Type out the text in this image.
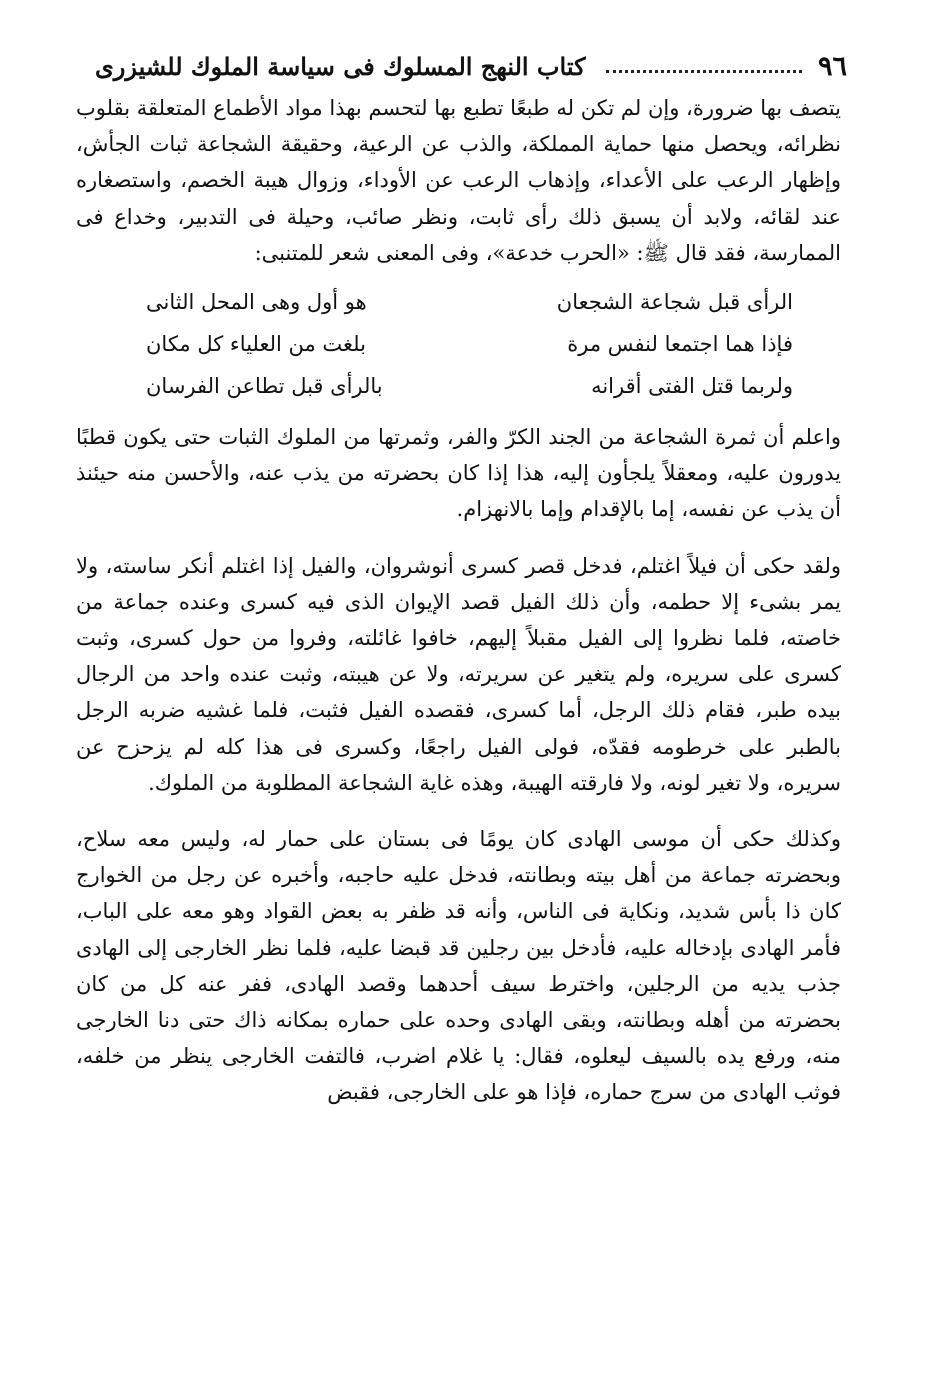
٩٦
كتاب النهج المسلوك فى سياسة الملوك للشيزرى

يتصف بها ضرورة، وإن لم تكن له طبعًا تطبع بها لتحسم بهذا مواد الأطماع المتعلقة بقلوب نظرائه، ويحصل منها حماية المملكة، والذب عن الرعية، وحقيقة الشجاعة ثبات الجأش، وإظهار الرعب على الأعداء، وإذهاب الرعب عن الأوداء، وزوال هيبة الخصم، واستصغاره عند لقائه، ولابد أن يسبق ذلك رأى ثابت، ونظر صائب، وحيلة فى التدبير، وخداع فى الممارسة، فقد قال ﷺ: «الحرب خدعة»، وفى المعنى شعر للمتنبى:

الرأى قبل شجاعة الشجعان
هو أول وهى المحل الثانى
فإذا هما اجتمعا لنفس مرة
بلغت من العلياء كل مكان
ولربما قتل الفتى أقرانه
بالرأى قبل تطاعن الفرسان

واعلم أن ثمرة الشجاعة من الجند الكرّ والفر، وثمرتها من الملوك الثبات حتى يكون قطبًا يدورون عليه، ومعقلاً يلجأون إليه، هذا إذا كان بحضرته من يذب عنه، والأحسن منه حيئنذ أن يذب عن نفسه، إما بالإقدام وإما بالانهزام.

ولقد حكى أن فيلاً اغتلم، فدخل قصر كسرى أنوشروان، والفيل إذا اغتلم أنكر ساسته، ولا يمر بشىء إلا حطمه، وأن ذلك الفيل قصد الإيوان الذى فيه كسرى وعنده جماعة من خاصته، فلما نظروا إلى الفيل مقبلاً إليهم، خافوا غائلته، وفروا من حول كسرى، وثبت كسرى على سريره، ولم يتغير عن سريرته، ولا عن هيبته، وثبت عنده واحد من الرجال بيده طبر، فقام ذلك الرجل، أما كسرى، فقصده الفيل فثبت، فلما غشيه ضربه الرجل بالطبر على خرطومه فقدّه، فولى الفيل راجعًا، وكسرى فى هذا كله لم يزحزح عن سريره، ولا تغير لونه، ولا فارقته الهيبة، وهذه غاية الشجاعة المطلوبة من الملوك.

وكذلك حكى أن موسى الهادى كان يومًا فى بستان على حمار له، وليس معه سلاح، وبحضرته جماعة من أهل بيته وبطانته، فدخل عليه حاجبه، وأخبره عن رجل من الخوارج كان ذا بأس شديد، ونكاية فى الناس، وأنه قد ظفر به بعض القواد وهو معه على الباب، فأمر الهادى بإدخاله عليه، فأدخل بين رجلين قد قبضا عليه، فلما نظر الخارجى إلى الهادى جذب يديه من الرجلين، واخترط سيف أحدهما وقصد الهادى، ففر عنه كل من كان بحضرته من أهله وبطانته، وبقى الهادى وحده على حماره بمكانه ذاك حتى دنا الخارجى منه، ورفع يده بالسيف ليعلوه، فقال: يا غلام اضرب، فالتفت الخارجى ينظر من خلفه، فوثب الهادى من سرج حماره، فإذا هو على الخارجى، فقبض
